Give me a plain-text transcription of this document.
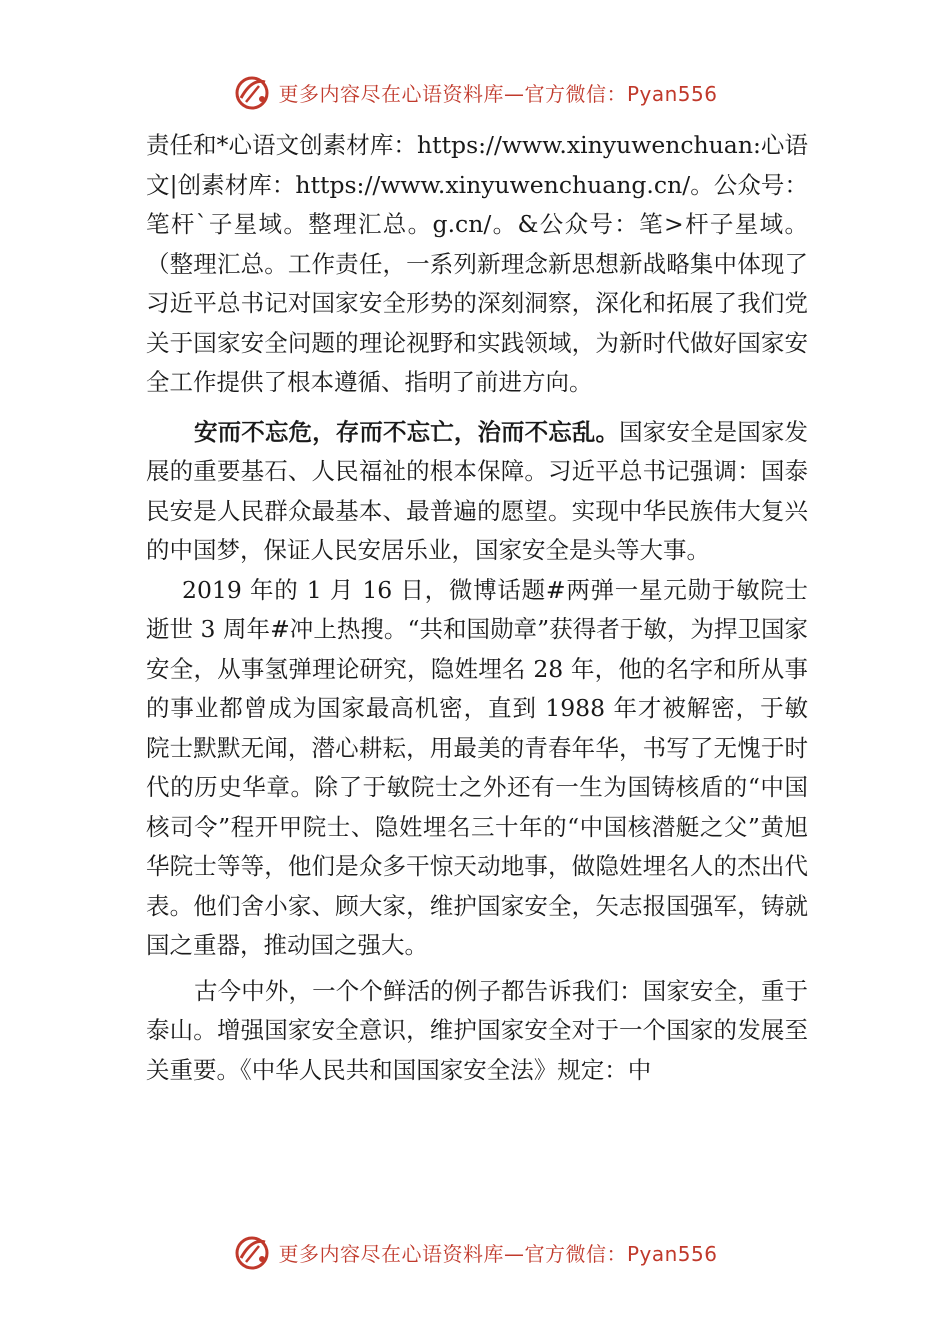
更多内容尽在心语资料库—官方微信：Pyan556

责任和*心语文创素材库：https://www.xinyuwenchuan:心语文|创素材库：https://www.xinyuwenchuang.cn/。公众号：笔杆`子星域。整理汇总。g.cn/。&公众号：笔>杆子星域。（整理汇总。工作责任，一系列新理念新思想新战略集中体现了习近平总书记对国家安全形势的深刻洞察，深化和拓展了我们党关于国家安全问题的理论视野和实践领域，为新时代做好国家安全工作提供了根本遵循、指明了前进方向。

安而不忘危，存而不忘亡，治而不忘乱。国家安全是国家发展的重要基石、人民福祉的根本保障。习近平总书记强调：国泰民安是人民群众最基本、最普遍的愿望。实现中华民族伟大复兴的中国梦，保证人民安居乐业，国家安全是头等大事。

2019 年的 1 月 16 日，微博话题#两弹一星元勋于敏院士逝世 3 周年#冲上热搜。“共和国勋章”获得者于敏，为捍卫国家安全，从事氢弹理论研究，隐姓埋名 28 年，他的名字和所从事的事业都曾成为国家最高机密，直到 1988 年才被解密，于敏院士默默无闻，潜心耕耘，用最美的青春年华，书写了无愧于时代的历史华章。除了于敏院士之外还有一生为国铸核盾的“中国核司令”程开甲院士、隐姓埋名三十年的“中国核潜艇之父”黄旭华院士等等，他们是众多干惊天动地事，做隐姓埋名人的杰出代表。他们舍小家、顾大家，维护国家安全，矢志报国强军，铸就国之重器，推动国之强大。

古今中外，一个个鲜活的例子都告诉我们：国家安全，重于泰山。增强国家安全意识，维护国家安全对于一个国家的发展至关重要。《中华人民共和国国家安全法》规定：中

更多内容尽在心语资料库—官方微信：Pyan556
